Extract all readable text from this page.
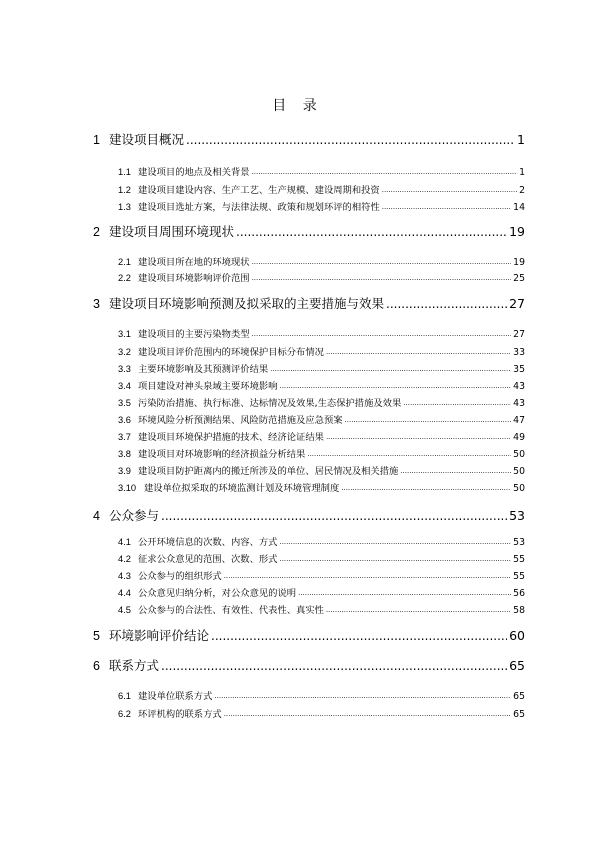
目 录
1 建设项目概况 .....	1
1.1 建设项目的地点及相关背景 .....	1
1.2 建设项目建设内容、生产工艺、生产规模、建设周期和投资 .....	2
1.3 建设项目选址方案，与法律法规、政策和规划环评的相符性 .....	14
2 建设项目周围环境现状 .....	19
2.1 建设项目所在地的环境现状 .....	19
2.2 建设项目环境影响评价范围 .....	25
3 建设项目环境影响预测及拟采取的主要措施与效果 .....	27
3.1 建设项目的主要污染物类型 .....	27
3.2 建设项目评价范围内的环境保护目标分布情况 .....	33
3.3 主要环境影响及其预测评价结果 .....	35
3.4 项目建设对神头泉域主要环境影响 .....	43
3.5 污染防治措施、执行标准、达标情况及效果,生态保护措施及效果 .....	43
3.6 环境风险分析预测结果、风险防范措施及应急预案 .....	47
3.7 建设项目环境保护措施的技术、经济论证结果 .....	49
3.8 建设项目对环境影响的经济损益分析结果 .....	50
3.9 建设项目防护距离内的搬迁所涉及的单位、居民情况及相关措施 .....	50
3.10 建设单位拟采取的环境监测计划及环境管理制度 .....	50
4 公众参与 .....	53
4.1 公开环境信息的次数、内容、方式 .....	53
4.2 征求公众意见的范围、次数、形式 .....	55
4.3 公众参与的组织形式 .....	55
4.4 公众意见归纳分析，对公众意见的说明 .....	56
4.5 公众参与的合法性、有效性、代表性、真实性 .....	58
5 环境影响评价结论 .....	60
6 联系方式 .....	65
6.1 建设单位联系方式 .....	65
6.2 环评机构的联系方式 .....	65
